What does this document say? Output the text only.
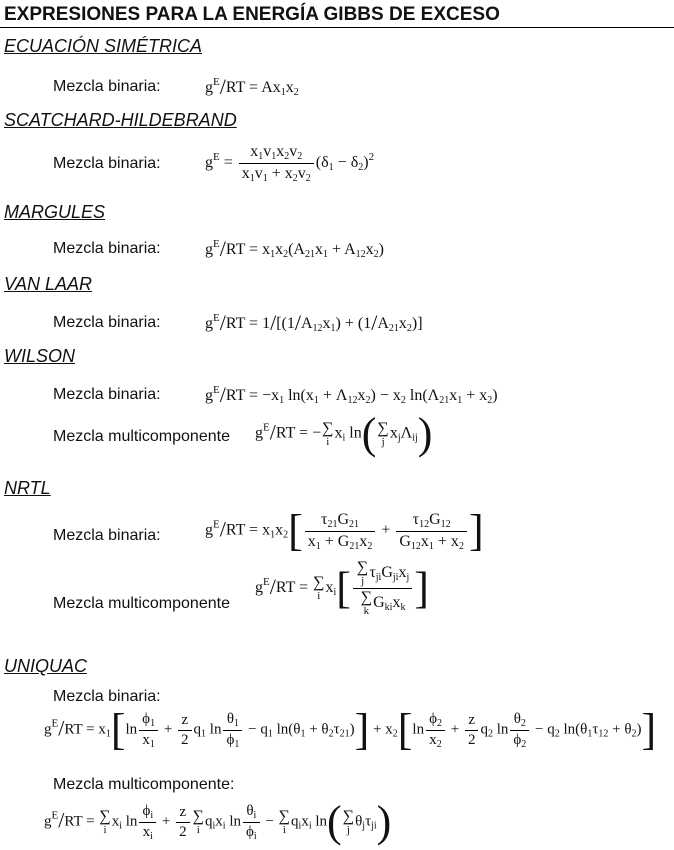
EXPRESIONES PARA LA ENERGÍA GIBBS DE EXCESO
ECUACIÓN SIMÉTRICA
Mezcla binaria:	$g^E/RT = Ax_1x_2$
SCATCHARD-HILDEBRAND
Mezcla binaria:	$g^E = \frac{x_1v_1x_2v_2}{x_1v_1 + x_2v_2} (\delta_1 - \delta_2)^2$
MARGULES
Mezcla binaria:	$g^E/RT = x_1x_2(A_{21}x_1 + A_{12}x_2)$
VAN LAAR
Mezcla binaria:	$g^E/RT = 1/[(1/A_{12}x_1) + (1/A_{21}x_2)]$
WILSON
Mezcla binaria:	$g^E/RT = -x_1$ $\ln(x_1 + \Lambda_{12}x_2) - x_2$ $\ln(\Lambda_{21}x_1 + x_2)$
Mezcla multicomponente $g^E/RT$ = − ∑
i $x_i$ ln( ∑
j $x_j\Lambda_{ij}$)
NRTL
Mezcla binaria:	$g^E/RT = x_1x_2[ \frac{\tau_{21}G_{21}}{x_1 + G_{21}x_2} + \frac{\tau_{12}G_{12}}{G_{12}x_1 + x_2}$ ]
Mezcla multicomponente
$g^E/RT$ = ∑
i $x_i$[ ∑
j $\tau_{ji}G_{ji}x_j$
∑
k $G_{ki}x_k$ ]
UNIQUAC
Mezcla binaria:
$g^E/RT = x_1[\ln \frac{\phi_1}{x_1} + \frac{z}{2} q_1$ $\ln \frac{\theta_1}{\phi_1} - q_1$ $\ln(\theta_1 + \theta_2\tau_{21})] + x_2[\ln \frac{\phi_2}{x_2} + \frac{z}{2} q_2$ $\ln \frac{\theta_2}{\phi_2} - q_2$ $\ln(\theta_1\tau_{12} + \theta_2)$]
Mezcla multicomponente:
$g^E/RT$ = ∑
i
$x_i$ $\ln \frac{\phi_i}{x_i} + \frac{z}{2}$ ∑
i
$q_ix_i$ $\ln \frac{\theta_i}{\phi_i}$ − ∑
i
$q_ix_i$ ln( ∑
j
$\theta_j\tau_{ji}$)
